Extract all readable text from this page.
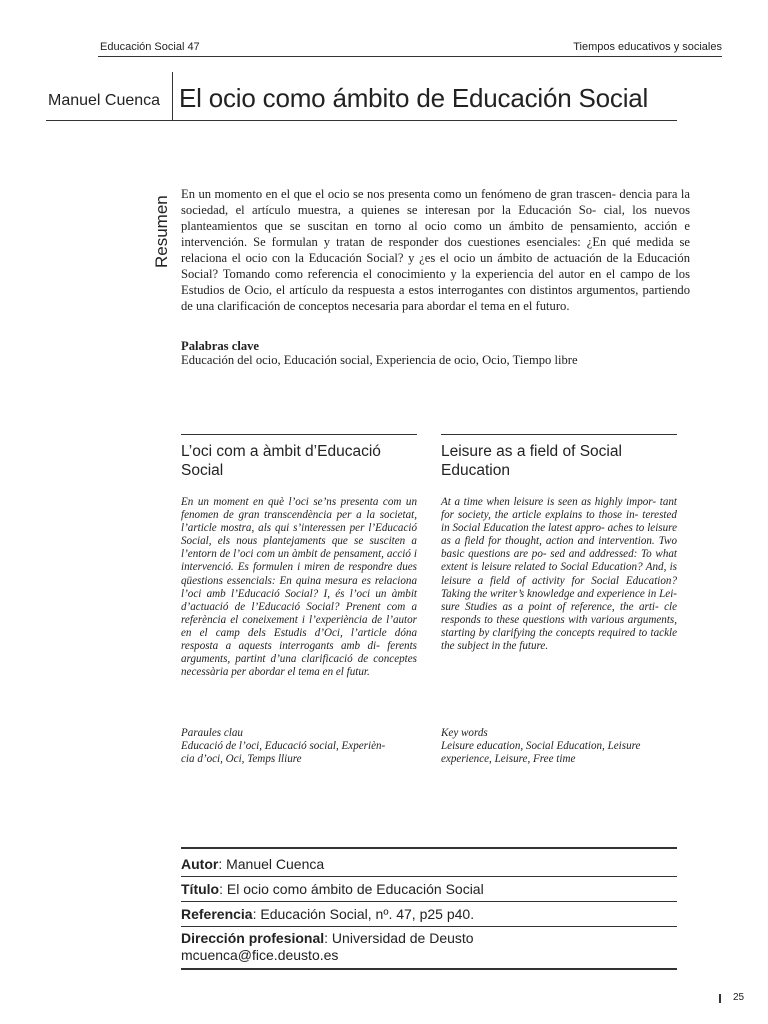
Educación Social 47	Tiempos educativos y sociales
Manuel Cuenca El ocio como ámbito de Educación Social
Resumen

En un momento en el que el ocio se nos presenta como un fenómeno de gran trascen- dencia para la sociedad, el artículo muestra, a quienes se interesan por la Educación So- cial, los nuevos planteamientos que se suscitan en torno al ocio como un ámbito de pensamiento, acción e intervención. Se formulan y tratan de responder dos cuestiones esenciales: ¿En qué medida se relaciona el ocio con la Educación Social? y ¿es el ocio un ámbito de actuación de la Educación Social? Tomando como referencia el conocimiento y la experiencia del autor en el campo de los Estudios de Ocio, el artículo da respuesta a estos interrogantes con distintos argumentos, partiendo de una clarificación de conceptos necesaria para abordar el tema en el futuro.

Palabras clave
Educación del ocio, Educación social, Experiencia de ocio, Ocio, Tiempo libre
L’oci com a àmbit d’Educació
Social

En un moment en què l’oci se’ns presenta com un fenomen de gran transcendència per a la societat, l’article mostra, als qui s’interessen per l’Educació Social, els nous plantejaments que se susciten a l’entorn de l’oci com un àmbit de pensament, acció i intervenció. Es formulen i miren de respondre dues qüestions essencials: En quina mesura es relaciona l’oci amb l’Educació Social? I, és l’oci un àmbit d’actuació de l’Educació Social? Prenent com a referència el coneixement i l’experiència de l’autor en el camp dels Estudis d’Oci, l’article dóna resposta a aquests interrogants amb di- ferents arguments, partint d’una clarificació de conceptes necessària per abordar el tema en el futur.

Paraules clau
Educació de l’oci, Educació social, Experièn-
cia d’oci, Oci, Temps lliure
Leisure as a field of Social
Education

At a time when leisure is seen as highly impor- tant for society, the article explains to those in- terested in Social Education the latest appro- aches to leisure as a field for thought, action and intervention. Two basic questions are po- sed and addressed: To what extent is leisure related to Social Education? And, is leisure a field of activity for Social Education? Taking the writer’s knowledge and experience in Lei- sure Studies as a point of reference, the arti- cle responds to these questions with various arguments, starting by clarifying the concepts required to tackle the subject in the future.

Key words
Leisure education, Social Education, Leisure
experience, Leisure, Free time
Autor: Manuel Cuenca
Título: El ocio como ámbito de Educación Social
Referencia: Educación Social, nº. 47, p25 p40.
Dirección profesional: Universidad de Deusto
mcuenca@fice.deusto.es
25
